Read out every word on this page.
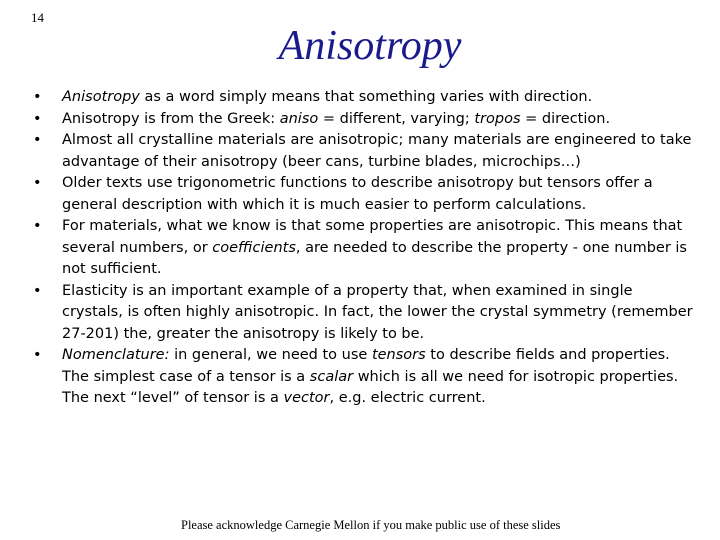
14
Anisotropy
•	Anisotropy as a word simply means that something varies with direction.
•	Anisotropy is from the Greek: aniso = different, varying; tropos = direction.
•	Almost all crystalline materials are anisotropic; many materials are engineered to take advantage of their anisotropy (beer cans, turbine blades, microchips…)
•	Older texts use trigonometric functions to describe anisotropy but tensors offer a general description with which it is much easier to perform calculations.
•	For materials, what we know is that some properties are anisotropic. This means that several numbers, or coefficients, are needed to describe the property - one number is not sufficient.
•	Elasticity is an important example of a property that, when examined in single crystals, is often highly anisotropic. In fact, the lower the crystal symmetry (remember 27-201) the, greater the anisotropy is likely to be.
•	Nomenclature: in general, we need to use tensors to describe fields and properties. The simplest case of a tensor is a scalar which is all we need for isotropic properties. The next “level” of tensor is a vector, e.g. electric current.
Please acknowledge Carnegie Mellon if you make public use of these slides
